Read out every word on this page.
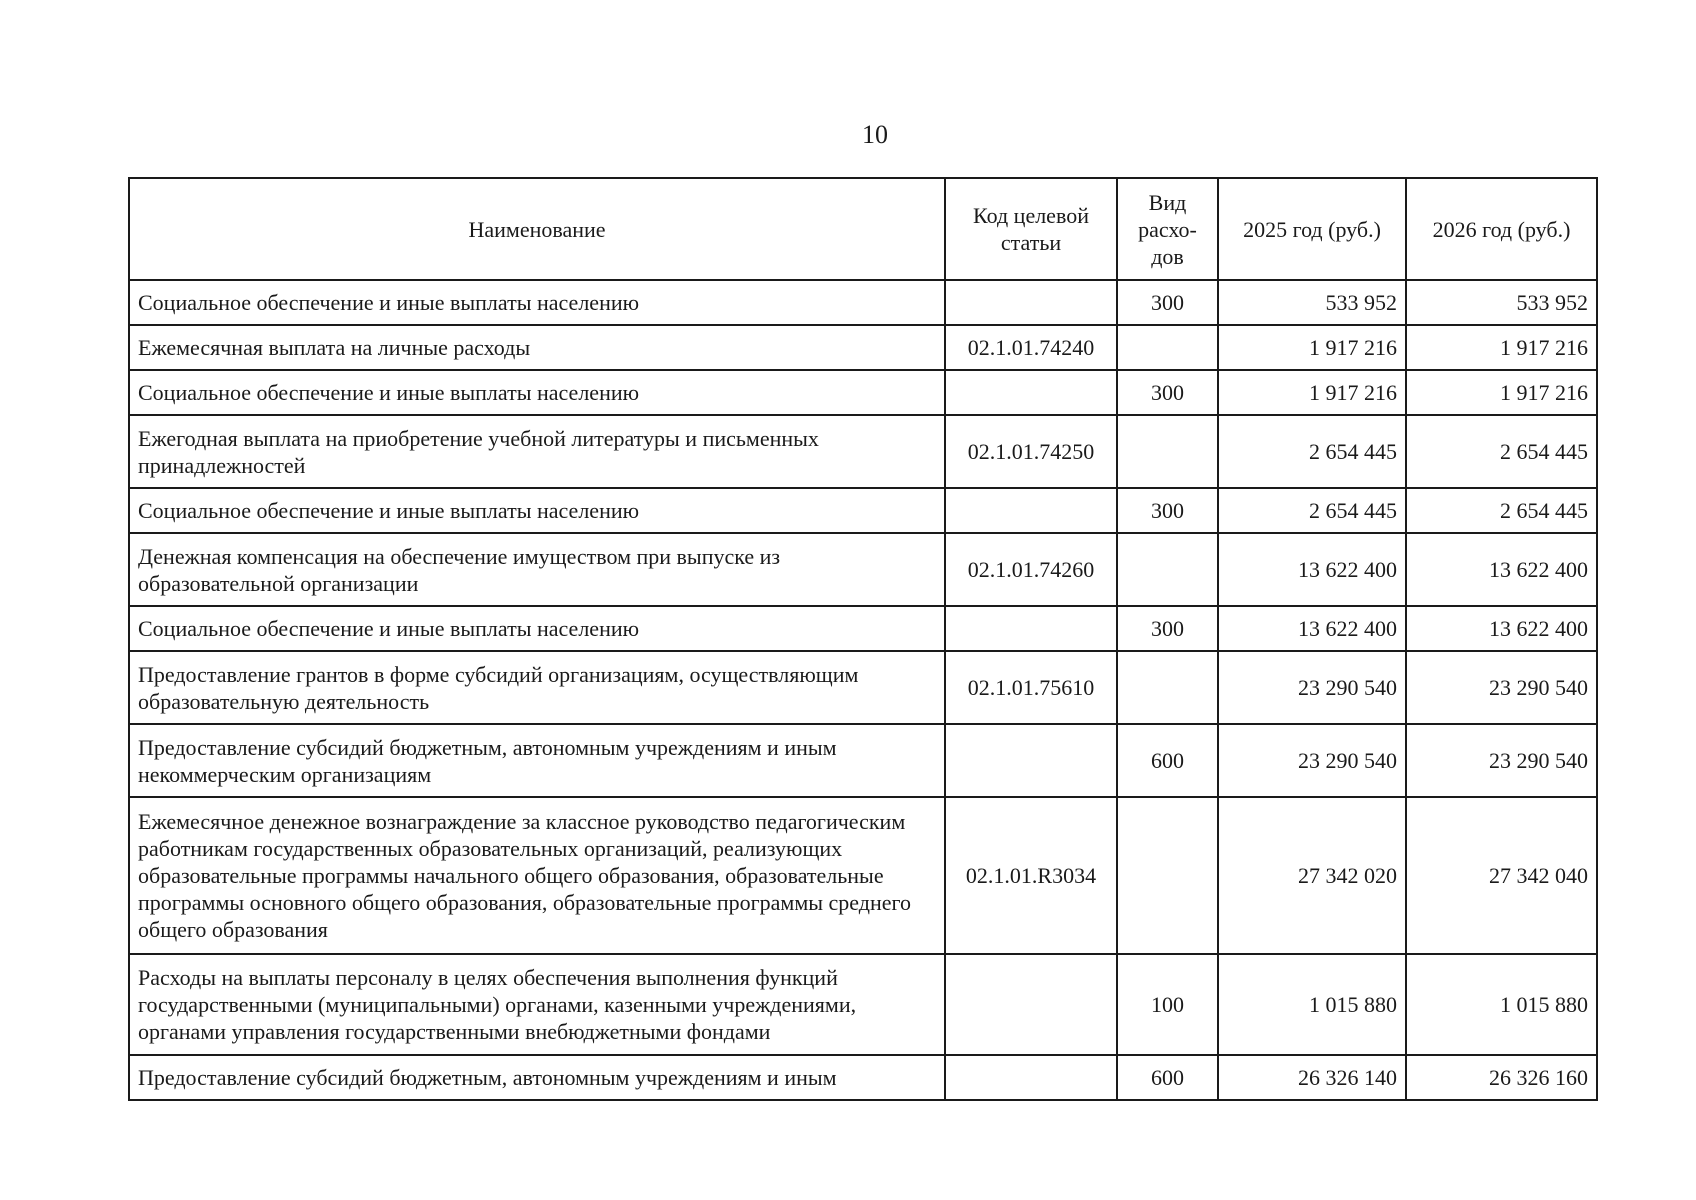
10
Наименование	Код целевой статьи	Вид расхо-дов	2025 год (руб.)	2026 год (руб.)
Социальное обеспечение и иные выплаты населению		300	533 952	533 952
Ежемесячная выплата на личные расходы	02.1.01.74240		1 917 216	1 917 216
Социальное обеспечение и иные выплаты населению		300	1 917 216	1 917 216
Ежегодная выплата на приобретение учебной литературы и письменных принадлежностей	02.1.01.74250		2 654 445	2 654 445
Социальное обеспечение и иные выплаты населению		300	2 654 445	2 654 445
Денежная компенсация на обеспечение имуществом при выпуске из образовательной организации	02.1.01.74260		13 622 400	13 622 400
Социальное обеспечение и иные выплаты населению		300	13 622 400	13 622 400
Предоставление грантов в форме субсидий организациям, осуществляющим образовательную деятельность	02.1.01.75610		23 290 540	23 290 540
Предоставление субсидий бюджетным, автономным учреждениям и иным некоммерческим организациям		600	23 290 540	23 290 540
Ежемесячное денежное вознаграждение за классное руководство педагогическим работникам государственных образовательных организаций, реализующих образовательные программы начального общего образования, образовательные программы основного общего образования, образовательные программы среднего общего образования	02.1.01.R3034		27 342 020	27 342 040
Расходы на выплаты персоналу в целях обеспечения выполнения функций государственными (муниципальными) органами, казенными учреждениями, органами управления государственными внебюджетными фондами		100	1 015 880	1 015 880
Предоставление субсидий бюджетным, автономным учреждениям и иным		600	26 326 140	26 326 160
